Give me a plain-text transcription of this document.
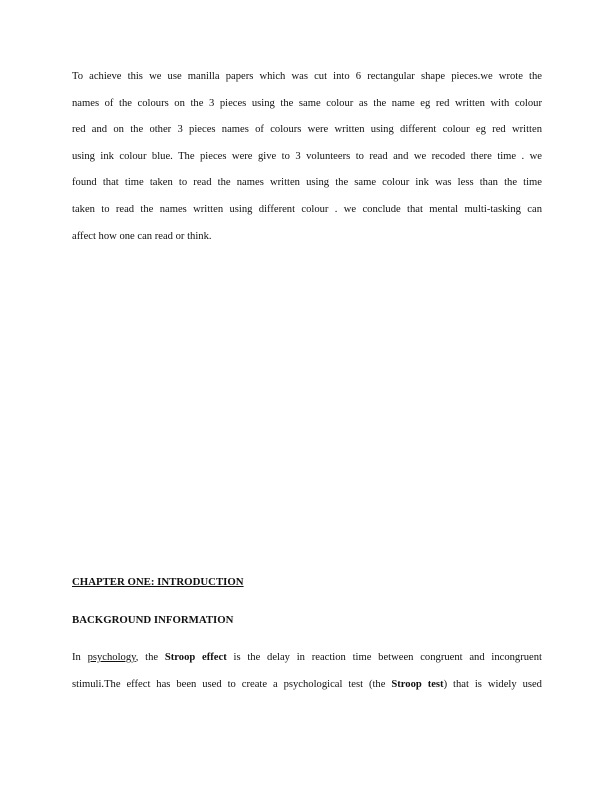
To achieve this we use manilla papers which was cut into 6 rectangular shape pieces.we wrote the
names of the colours on the 3 pieces using the same colour as the name eg red written with colour
red and on the other 3 pieces names of colours were written using different colour eg red written
using ink colour blue. The pieces were give to 3 volunteers to read and we recoded there time . we
found that time taken to read the names written using the same colour ink was less than the time
taken to read the names written using different colour . we conclude that mental multi-tasking can
affect how one can read or think.
CHAPTER ONE: INTRODUCTION
BACKGROUND INFORMATION
In psychology, the Stroop effect is the delay in reaction time between congruent and incongruent
stimuli.The effect has been used to create a psychological test (the Stroop test) that is widely used
